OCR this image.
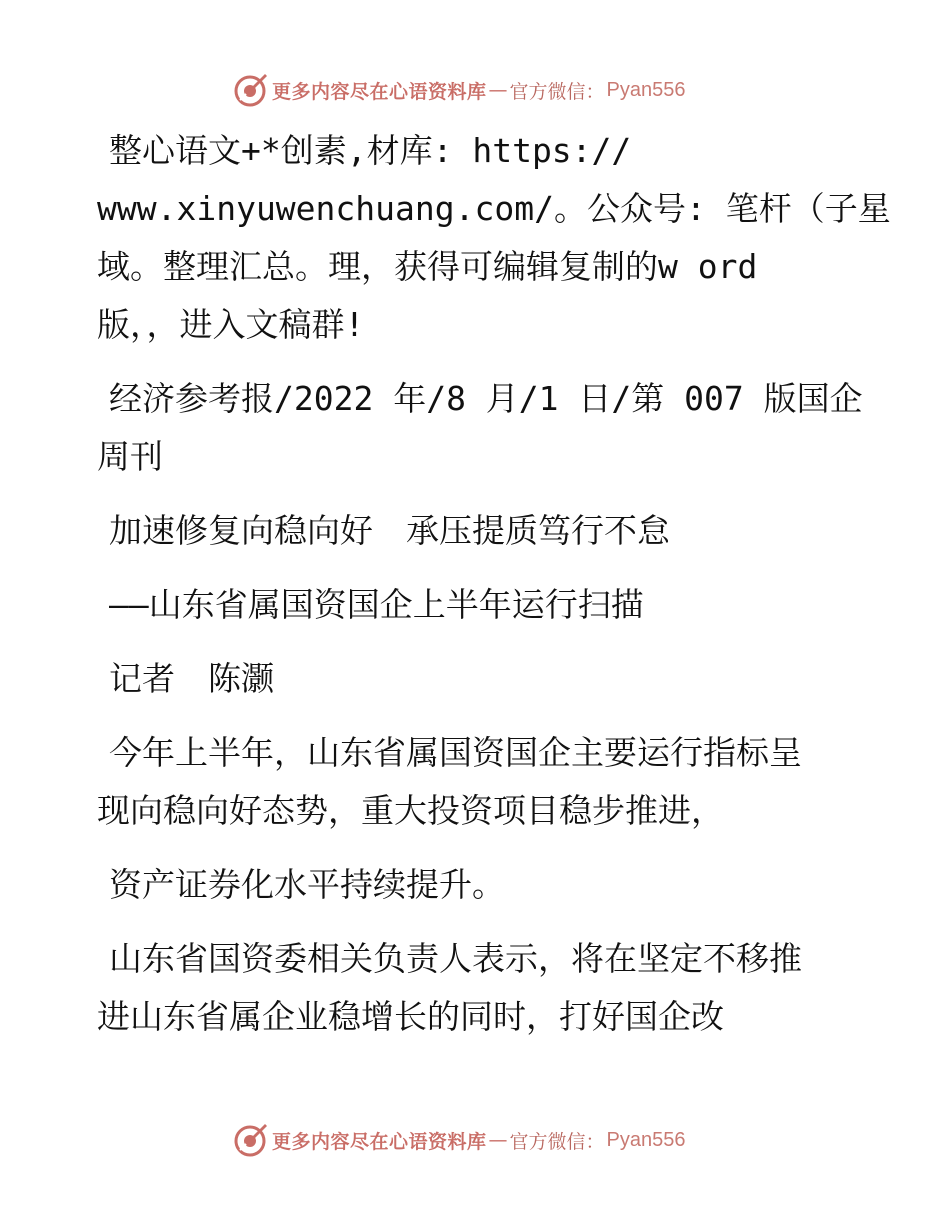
更多内容尽在心语资料库 — 官方微信： Pyan556
整心语文+*创素,材库: https://
www.xinyuwenchuang.com/。公众号: 笔杆（子星
域。整理汇总。理，获得可编辑复制的w ord
版，，进入文稿群!
经济参考报/2022 年/8 月/1 日/第 007 版国企
周刊
加速修复向稳向好　承压提质笃行不怠
——山东省属国资国企上半年运行扫描
记者　陈灏
今年上半年，山东省属国资国企主要运行指标呈
现向稳向好态势，重大投资项目稳步推进，
资产证券化水平持续提升。
山东省国资委相关负责人表示，将在坚定不移推
进山东省属企业稳增长的同时，打好国企改
更多内容尽在心语资料库 — 官方微信： Pyan556
